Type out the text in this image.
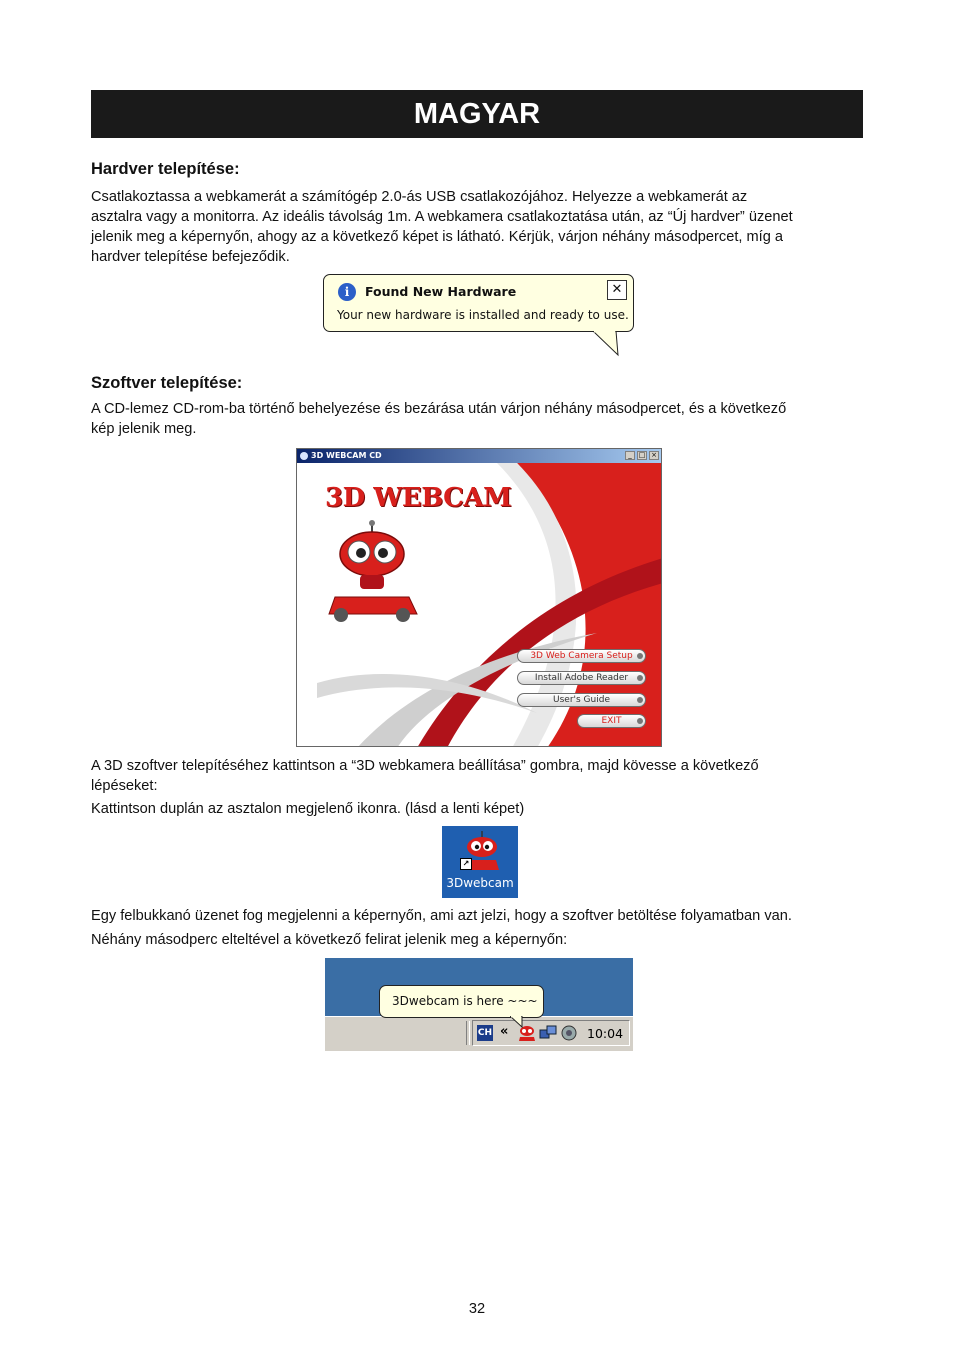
MAGYAR
Hardver telepítése:
Csatlakoztassa a webkamerát a számítógép 2.0-ás USB csatlakozójához. Helyezze a webkamerát az
asztalra vagy a monitorra. Az ideális távolság 1m. A webkamera csatlakoztatása után, az “Új hardver” üzenet
jelenik meg a képernyőn, ahogy az a következő képet is látható. Kérjük, várjon néhány másodpercet, míg a
hardver telepítése befejeződik.
i	Found New Hardware
Your new hardware is installed and ready to use.
✕
Szoftver telepítése:
A CD-lemez CD-rom-ba történő behelyezése és bezárása után várjon néhány másodpercet, és a következő
kép jelenik meg.
3D WEBCAM CD	_ □ ×
3D WEBCAM
3D Web Camera Setup
Install Adobe Reader
User's Guide
EXIT
A 3D szoftver telepítéséhez kattintson a “3D webkamera beállítása” gombra, majd kövesse a következő
lépéseket:
Kattintson duplán az asztalon megjelenő ikonra. (lásd a lenti képet)
↗
3Dwebcam
Egy felbukkanó üzenet fog megjelenni a képernyőn, ami azt jelzi, hogy a szoftver betöltése folyamatban van.
Néhány másodperc elteltével a következő felirat jelenik meg a képernyőn:
CH «	10:04
3Dwebcam is here ~~~
32
